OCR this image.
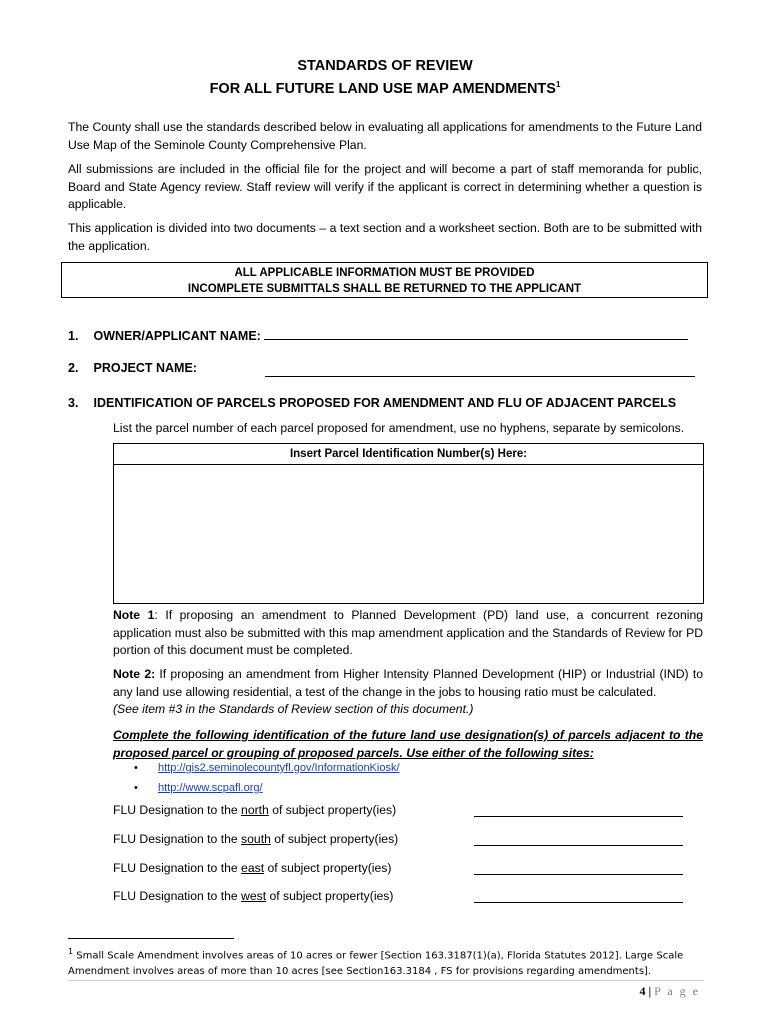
STANDARDS OF REVIEW
FOR ALL FUTURE LAND USE MAP AMENDMENTS$^1$
The County shall use the standards described below in evaluating all applications for amendments to the Future Land Use Map of the Seminole County Comprehensive Plan.
All submissions are included in the official file for the project and will become a part of staff memoranda for public, Board and State Agency review. Staff review will verify if the applicant is correct in determining whether a question is applicable.
This application is divided into two documents – a text section and a worksheet section. Both are to be submitted with the application.
ALL APPLICABLE INFORMATION MUST BE PROVIDED
INCOMPLETE SUBMITTALS SHALL BE RETURNED TO THE APPLICANT
1. OWNER/APPLICANT NAME:
2. PROJECT NAME:
3. IDENTIFICATION OF PARCELS PROPOSED FOR AMENDMENT AND FLU OF ADJACENT PARCELS
List the parcel number of each parcel proposed for amendment, use no hyphens, separate by semicolons.
Insert Parcel Identification Number(s) Here:
Note 1: If proposing an amendment to Planned Development (PD) land use, a concurrent rezoning application must also be submitted with this map amendment application and the Standards of Review for PD portion of this document must be completed.
Note 2: If proposing an amendment from Higher Intensity Planned Development (HIP) or Industrial (IND) to any land use allowing residential, a test of the change in the jobs to housing ratio must be calculated.
(See item #3 in the Standards of Review section of this document.)
Complete the following identification of the future land use designation(s) of parcels adjacent to the proposed parcel or grouping of proposed parcels. Use either of the following sites:
• http://gis2.seminolecountyfl.gov/InformationKiosk/
• http://www.scpafl.org/
FLU Designation to the north of subject property(ies)
FLU Designation to the south of subject property(ies)
FLU Designation to the east of subject property(ies)
FLU Designation to the west of subject property(ies)
$^1$ Small Scale Amendment involves areas of 10 acres or fewer [Section 163.3187(1)(a), Florida Statutes 2012]. Large Scale Amendment involves areas of more than 10 acres [see Section163.3184 , FS for provisions regarding amendments].
4 | P a g e
